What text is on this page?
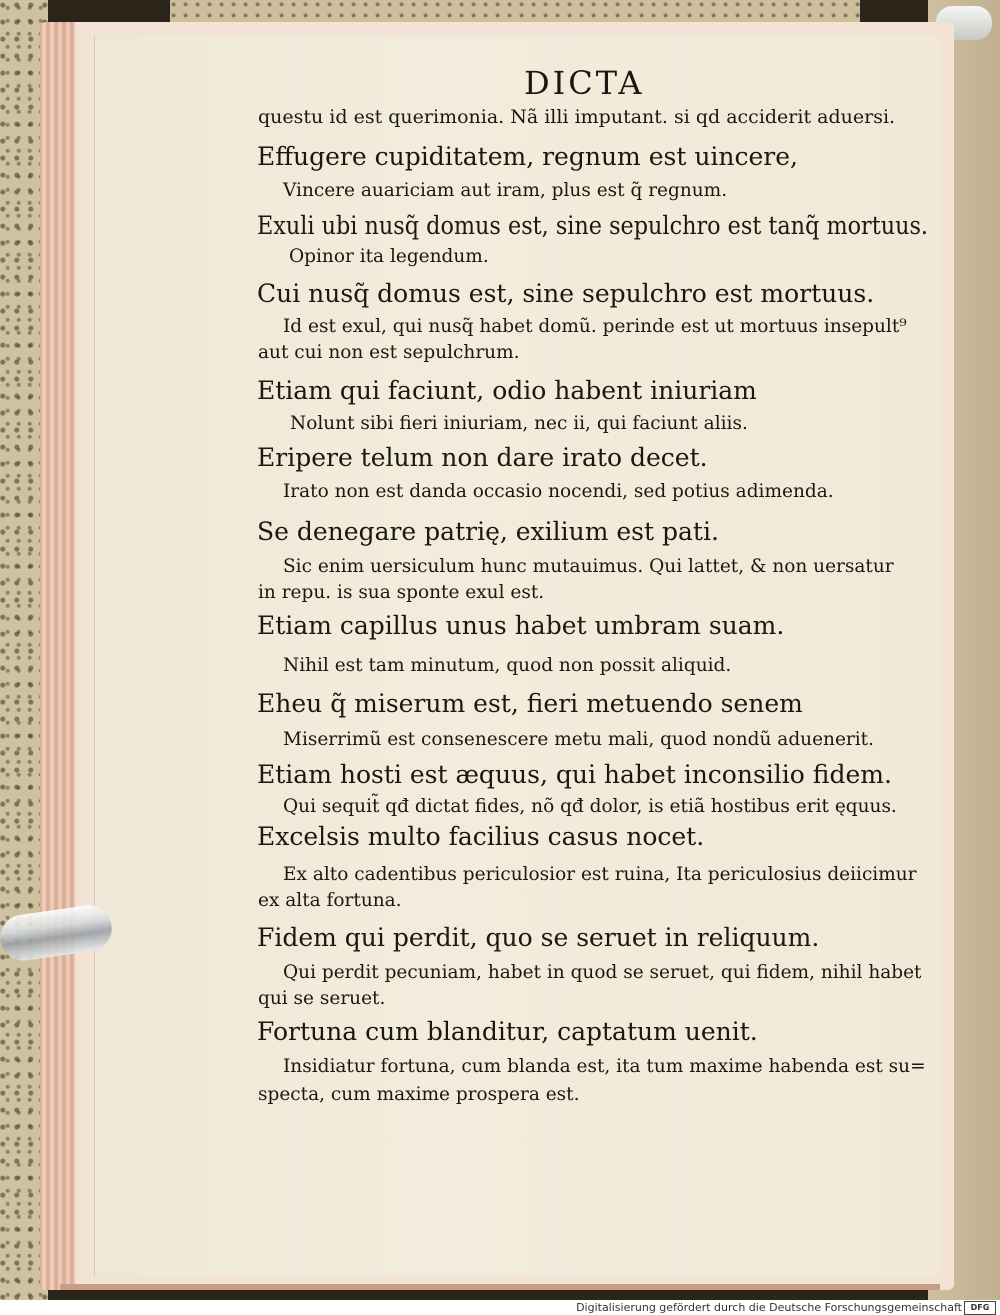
DICTA
questu id est querimonia. Nã illi imputant. si qd acciderit aduersi.
Effugere cupiditatem, regnum est uincere,
Vincere auariciam aut iram, plus est q̃ regnum.
Exuli ubi nusq̃ domus est, sine sepulchro est tanq̃ mortuus.
Opinor ita legendum.
Cui nusq̃ domus est, sine sepulchro est mortuus.
Id est exul, qui nusq̃ habet domũ. perinde est ut mortuus insepult⁹
aut cui non est sepulchrum.
Etiam qui faciunt, odio habent iniuriam
Nolunt sibi fieri iniuriam, nec ii, qui faciunt aliis.
Eripere telum non dare irato decet.
Irato non est danda occasio nocendi, sed potius adimenda.
Se denegare patrię, exilium est pati.
Sic enim uersiculum hunc mutauimus. Qui lattet, & non uersatur
in repu. is sua sponte exul est.
Etiam capillus unus habet umbram suam.
Nihil est tam minutum, quod non possit aliquid.
Eheu q̃ miserum est, fieri metuendo senem
Miserrimũ est consenescere metu mali, quod nondũ aduenerit.
Etiam hosti est æquus, qui habet inconsilio fidem.
Qui sequit̃ qđ dictat fides, nõ qđ dolor, is etiã hostibus erit ęquus.
Excelsis multo facilius casus nocet.
Ex alto cadentibus periculosior est ruina, Ita periculosius deiicimur
ex alta fortuna.
Fidem qui perdit, quo se seruet in reliquum.
Qui perdit pecuniam, habet in quod se seruet, qui fidem, nihil habet
qui se seruet.
Fortuna cum blanditur, captatum uenit.
Insidiatur fortuna, cum blanda est, ita tum maxime habenda est su=
specta, cum maxime prospera est.
Digitalisierung gefördert durch die Deutsche Forschungsgemeinschaft	DFG
